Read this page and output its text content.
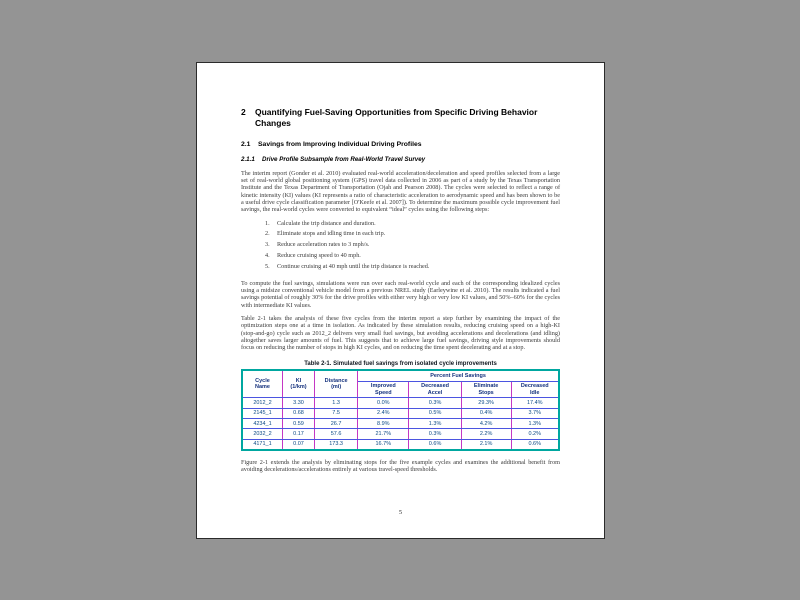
2	Quantifying Fuel-Saving Opportunities from Specific Driving Behavior Changes
2.1	Savings from Improving Individual Driving Profiles
2.1.1	Drive Profile Subsample from Real-World Travel Survey

The interim report (Gonder et al. 2010) evaluated real-world acceleration/deceleration and speed profiles selected from a large set of real-world global positioning system (GPS) travel data collected in 2006 as part of a study by the Texas Transportation Institute and the Texas Department of Transportation (Ojah and Pearson 2008). The cycles were selected to reflect a range of kinetic intensity (KI) values (KI represents a ratio of characteristic acceleration to aerodynamic speed and has been shown to be a useful drive cycle classification parameter [O'Keefe et al. 2007]). To determine the maximum possible cycle improvement fuel savings, the real-world cycles were converted to equivalent “ideal” cycles using the following steps:

1.	Calculate the trip distance and duration.
2.	Eliminate stops and idling time in each trip.
3.	Reduce acceleration rates to 3 mph/s.
4.	Reduce cruising speed to 40 mph.
5.	Continue cruising at 40 mph until the trip distance is reached.

To compute the fuel savings, simulations were run over each real-world cycle and each of the corresponding idealized cycles using a midsize conventional vehicle model from a previous NREL study (Earleywine et al. 2010). The results indicated a fuel savings potential of roughly 30% for the drive profiles with either very high or very low KI values, and 50%–60% for the cycles with intermediate KI values.

Table 2-1 takes the analysis of these five cycles from the interim report a step further by examining the impact of the optimization steps one at a time in isolation. As indicated by these simulation results, reducing cruising speed on a high-KI (stop-and-go) cycle such as 2012_2 delivers very small fuel savings, but avoiding accelerations and decelerations (and idling) altogether saves larger amounts of fuel. This suggests that to achieve large fuel savings, driving style improvements should focus on reducing the number of stops in high KI cycles, and on reducing the time spent decelerating and at a stop.

Table 2-1. Simulated fuel savings from isolated cycle improvements
Cycle Name	KI (1/km)	Distance (mi)	Percent Fuel Savings			
			Improved Speed	Decreased Accel	Eliminate Stops	Decreased Idle
2012_2	3.30	1.3	0.0%	0.3%	29.3%	17.4%
2145_1	0.68	7.5	2.4%	0.5%	0.4%	3.7%
4234_1	0.59	26.7	8.9%	1.3%	4.2%	1.3%
2032_2	0.17	57.6	21.7%	0.3%	2.2%	0.2%
4171_1	0.07	173.3	16.7%	0.6%	2.1%	0.6%

Figure 2-1 extends the analysis by eliminating stops for the five example cycles and examines the additional benefit from avoiding decelerations/accelerations entirely at various travel-speed thresholds.

5
